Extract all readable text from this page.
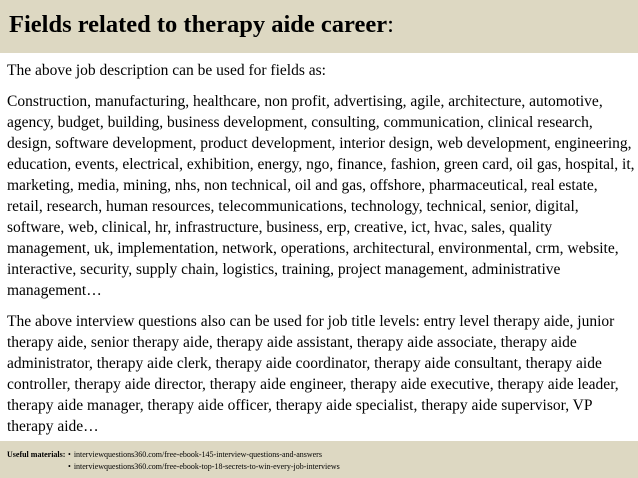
Fields related to therapy aide career:

The above job description can be used for fields as:

Construction, manufacturing, healthcare, non profit, advertising, agile, architecture, automotive, agency, budget, building, business development, consulting, communication, clinical research, design, software development, product development, interior design, web development, engineering, education, events, electrical, exhibition, energy, ngo, finance, fashion, green card, oil gas, hospital, it, marketing, media, mining, nhs, non technical, oil and gas, offshore, pharmaceutical, real estate, retail, research, human resources, telecommunications, technology, technical, senior, digital, software, web, clinical, hr, infrastructure, business, erp, creative, ict, hvac, sales, quality management, uk, implementation, network, operations, architectural, environmental, crm, website, interactive, security, supply chain, logistics, training, project management, administrative management…

The above interview questions also can be used for job title levels: entry level therapy aide, junior therapy aide, senior therapy aide, therapy aide assistant, therapy aide associate, therapy aide administrator, therapy aide clerk, therapy aide coordinator, therapy aide consultant, therapy aide controller, therapy aide director, therapy aide engineer, therapy aide executive, therapy aide leader, therapy aide manager, therapy aide officer, therapy aide specialist, therapy aide supervisor, VP therapy aide…

Useful materials: • interviewquestions360.com/free-ebook-145-interview-questions-and-answers
• interviewquestions360.com/free-ebook-top-18-secrets-to-win-every-job-interviews
